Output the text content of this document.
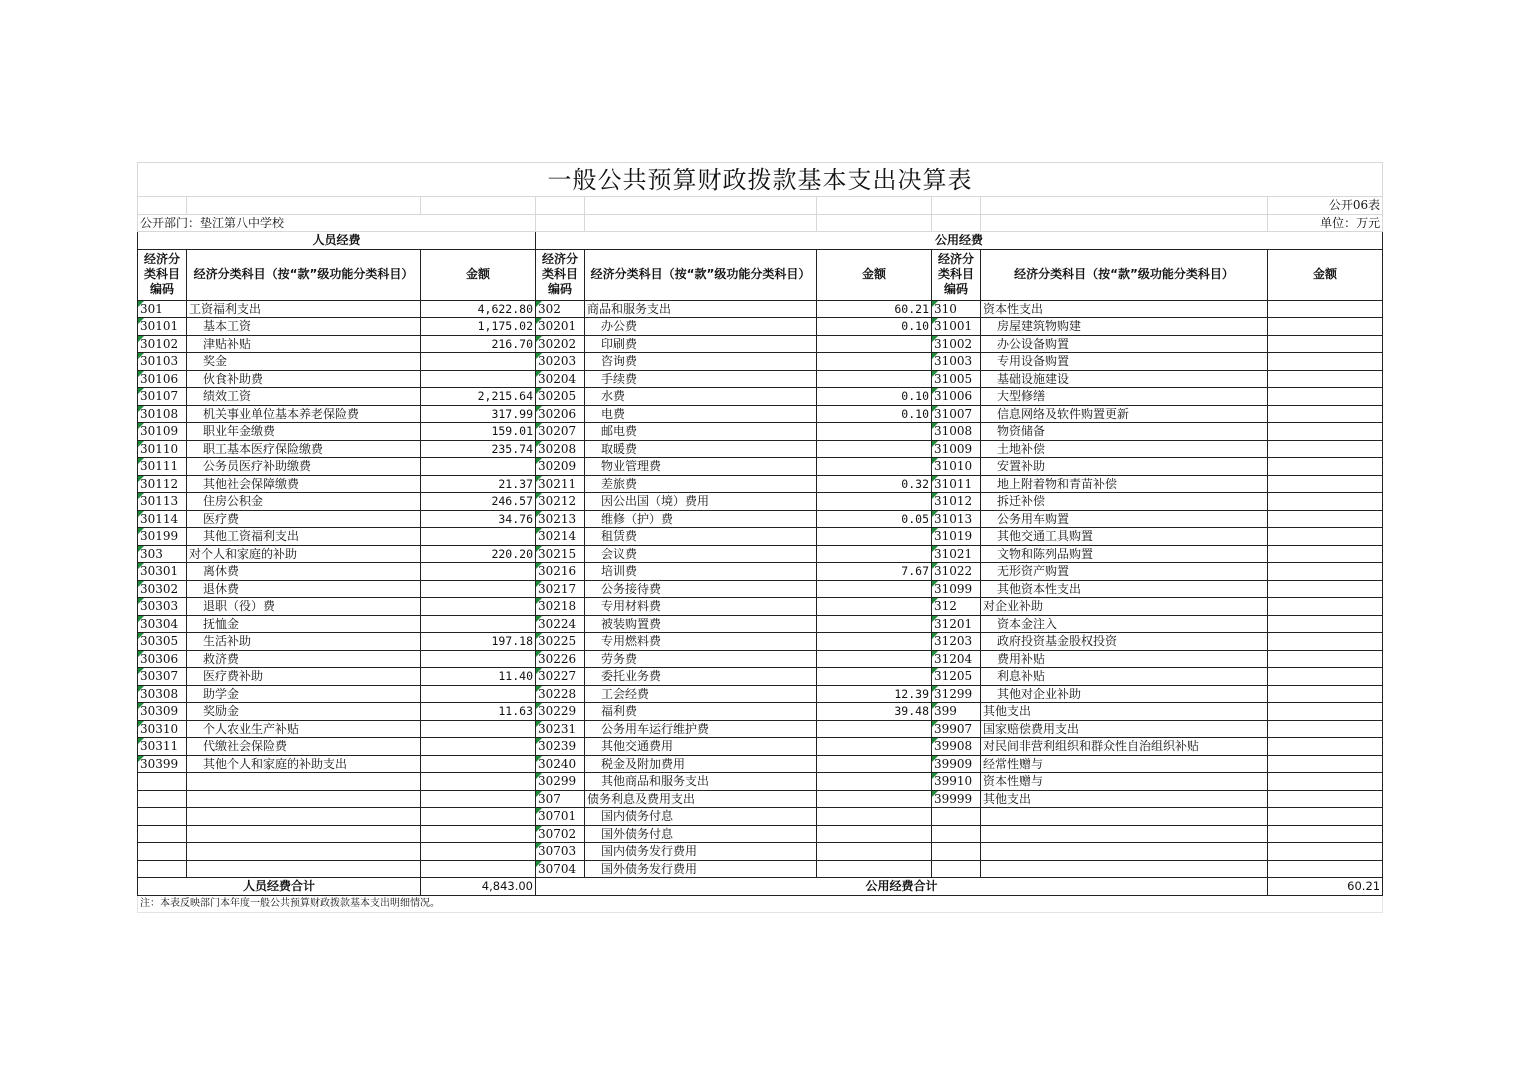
一般公共预算财政拨款基本支出决算表								
								公开06表
公开部门：垫江第八中学校								单位：万元
人员经费			公用经费					
经济分类科目编码	经济分类科目（按“款”级功能分类科目）	金额	经济分类科目编码	经济分类科目（按“款”级功能分类科目）	金额	经济分类科目编码	经济分类科目（按“款”级功能分类科目）	金额
301	工资福利支出	4,622.80	302	商品和服务支出	60.21	310	资本性支出	
30101	基本工资	1,175.02	30201	办公费	0.10	31001	房屋建筑物购建	
30102	津贴补贴	216.70	30202	印刷费		31002	办公设备购置	
30103	奖金		30203	咨询费		31003	专用设备购置	
30106	伙食补助费		30204	手续费		31005	基础设施建设	
30107	绩效工资	2,215.64	30205	水费	0.10	31006	大型修缮	
30108	机关事业单位基本养老保险费	317.99	30206	电费	0.10	31007	信息网络及软件购置更新	
30109	职业年金缴费	159.01	30207	邮电费		31008	物资储备	
30110	职工基本医疗保险缴费	235.74	30208	取暖费		31009	土地补偿	
30111	公务员医疗补助缴费		30209	物业管理费		31010	安置补助	
30112	其他社会保障缴费	21.37	30211	差旅费	0.32	31011	地上附着物和青苗补偿	
30113	住房公积金	246.57	30212	因公出国（境）费用		31012	拆迁补偿	
30114	医疗费	34.76	30213	维修（护）费	0.05	31013	公务用车购置	
30199	其他工资福利支出		30214	租赁费		31019	其他交通工具购置	
303	对个人和家庭的补助	220.20	30215	会议费		31021	文物和陈列品购置	
30301	离休费		30216	培训费	7.67	31022	无形资产购置	
30302	退休费		30217	公务接待费		31099	其他资本性支出	
30303	退职（役）费		30218	专用材料费		312	对企业补助	
30304	抚恤金		30224	被装购置费		31201	资本金注入	
30305	生活补助	197.18	30225	专用燃料费		31203	政府投资基金股权投资	
30306	救济费		30226	劳务费		31204	费用补贴	
30307	医疗费补助	11.40	30227	委托业务费		31205	利息补贴	
30308	助学金		30228	工会经费	12.39	31299	其他对企业补助	
30309	奖励金	11.63	30229	福利费	39.48	399	其他支出	
30310	个人农业生产补贴		30231	公务用车运行维护费		39907	国家赔偿费用支出	
30311	代缴社会保险费		30239	其他交通费用		39908	对民间非营利组织和群众性自治组织补贴	
30399	其他个人和家庭的补助支出		30240	税金及附加费用		39909	经常性赠与	
			30299	其他商品和服务支出		39910	资本性赠与	
			307	债务利息及费用支出		39999	其他支出	
			30701	国内债务付息				
			30702	国外债务付息				
			30703	国内债务发行费用				
			30704	国外债务发行费用				
人员经费合计		4,843.00	公用经费合计					60.21
注：本表反映部门本年度一般公共预算财政拨款基本支出明细情况。								
